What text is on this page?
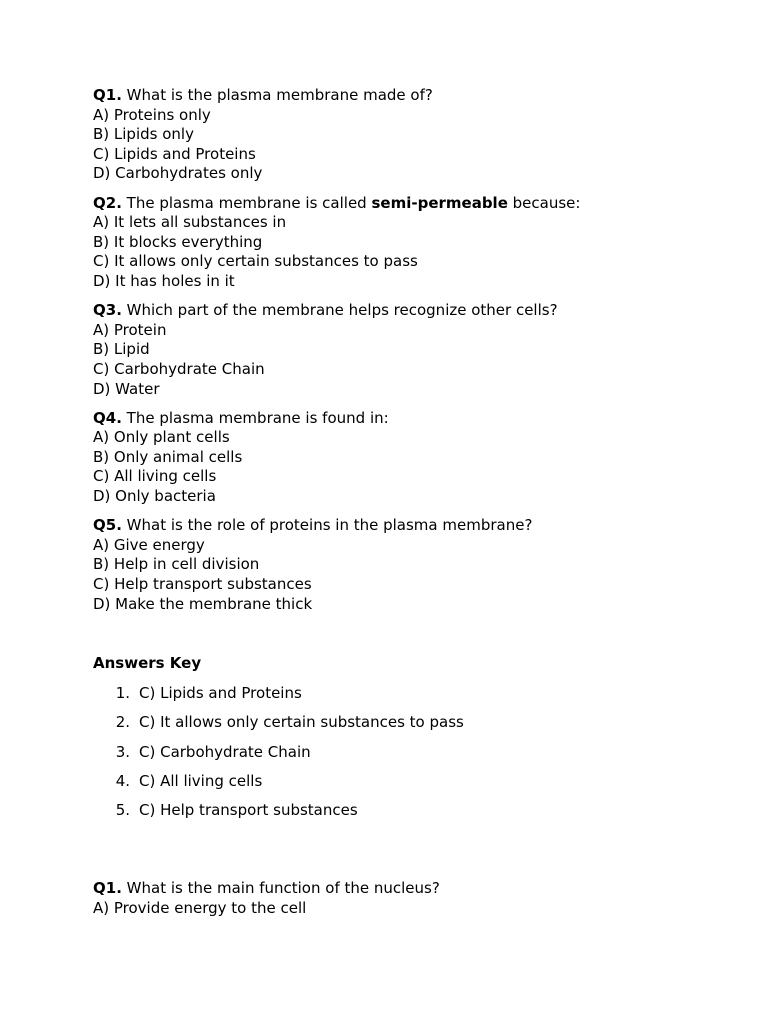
Q1. What is the plasma membrane made of?
A) Proteins only
B) Lipids only
C) Lipids and Proteins
D) Carbohydrates only
Q2. The plasma membrane is called semi-permeable because:
A) It lets all substances in
B) It blocks everything
C) It allows only certain substances to pass
D) It has holes in it
Q3. Which part of the membrane helps recognize other cells?
A) Protein
B) Lipid
C) Carbohydrate Chain
D) Water
Q4. The plasma membrane is found in:
A) Only plant cells
B) Only animal cells
C) All living cells
D) Only bacteria
Q5. What is the role of proteins in the plasma membrane?
A) Give energy
B) Help in cell division
C) Help transport substances
D) Make the membrane thick
Answers Key
1. C) Lipids and Proteins
2. C) It allows only certain substances to pass
3. C) Carbohydrate Chain
4. C) All living cells
5. C) Help transport substances
Q1. What is the main function of the nucleus?
A) Provide energy to the cell
